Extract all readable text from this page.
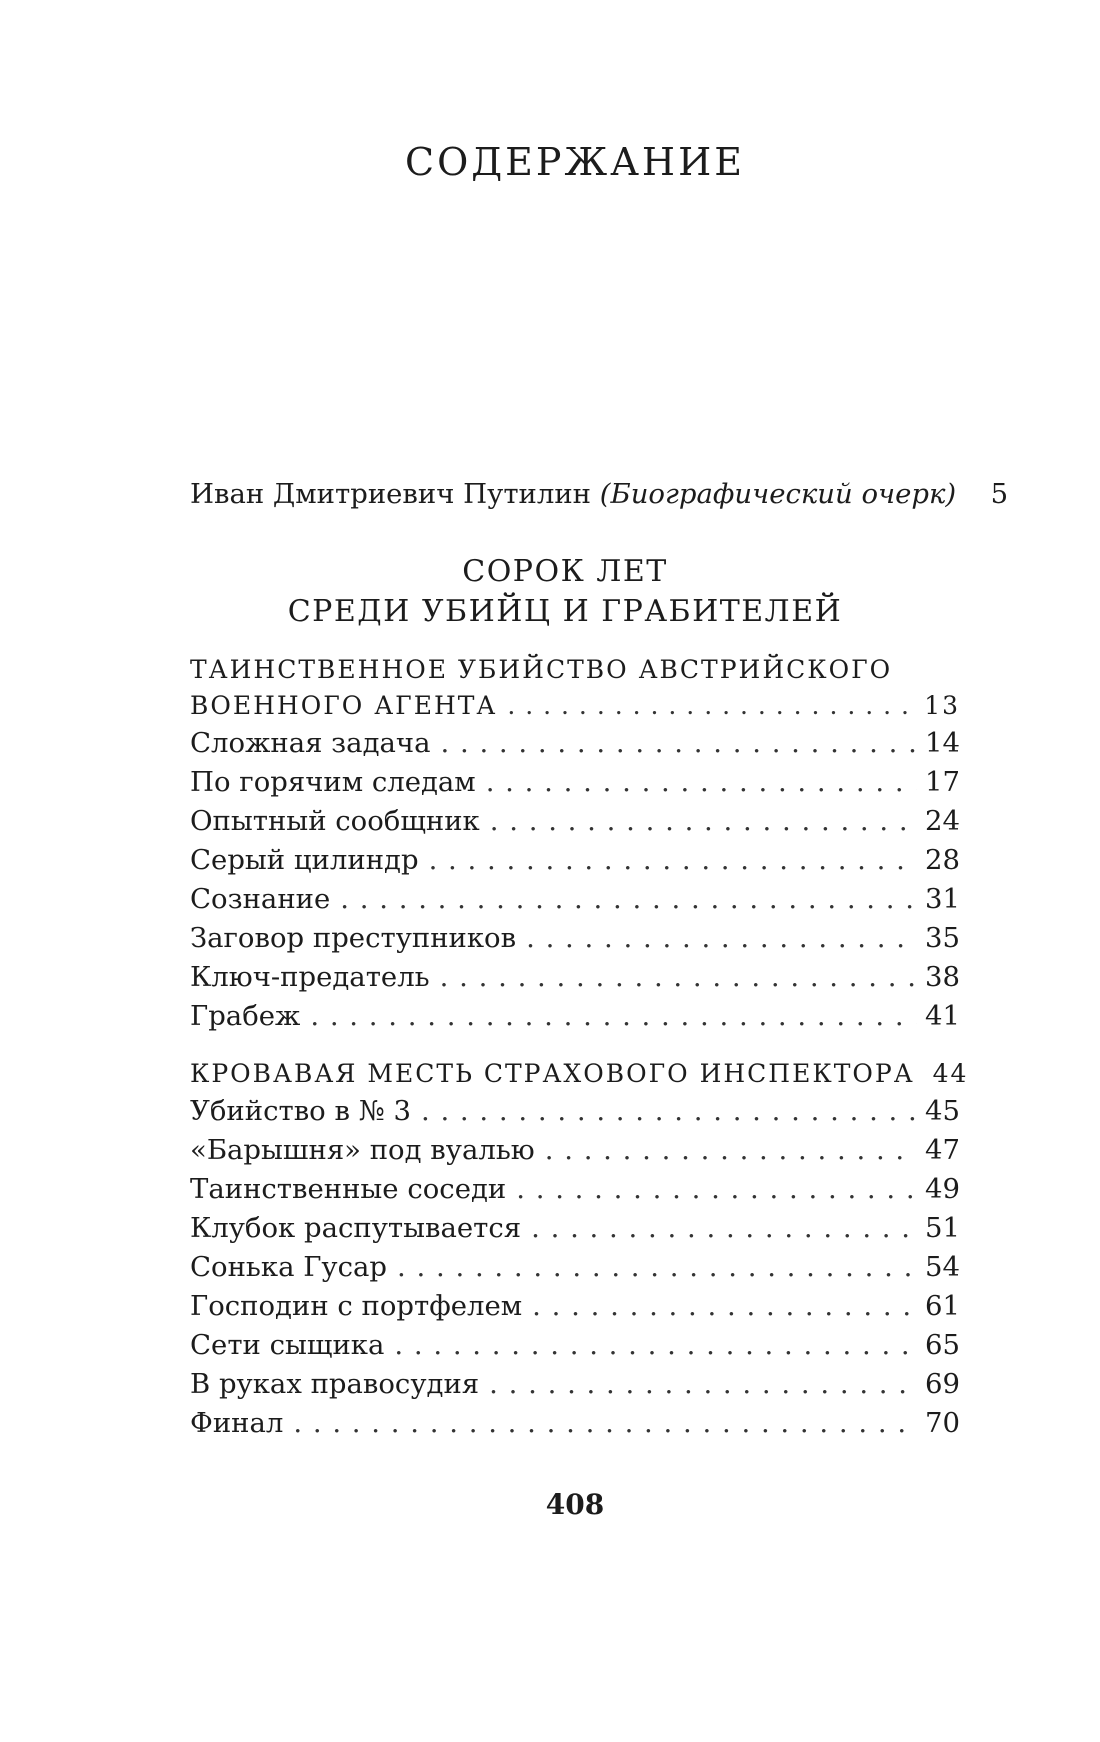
СОДЕРЖАНИЕ
Иван Дмитриевич Путилин (Биографический очерк)	5
СОРОК ЛЕТ
СРЕДИ УБИЙЦ И ГРАБИТЕЛЕЙ
ТАИНСТВЕННОЕ УБИЙСТВО АВСТРИЙСКОГО
ВОЕННОГО АГЕНТА . . .	13
Сложная задача . . .	14
По горячим следам . . .	17
Опытный сообщник . . .	24
Серый цилиндр . . .	28
Сознание . . .	31
Заговор преступников . . .	35
Ключ-предатель . . .	38
Грабеж . . .	41
КРОВАВАЯ МЕСТЬ СТРАХОВОГО ИНСПЕКТОРА 44
Убийство в № 3 . . .	45
«Барышня» под вуалью . . .	47
Таинственные соседи . . .	49
Клубок распутывается . . .	51
Сонька Гусар . . .	54
Господин с портфелем . . .	61
Сети сыщика . . .	65
В руках правосудия . . .	69
Финал . . .	70
408
